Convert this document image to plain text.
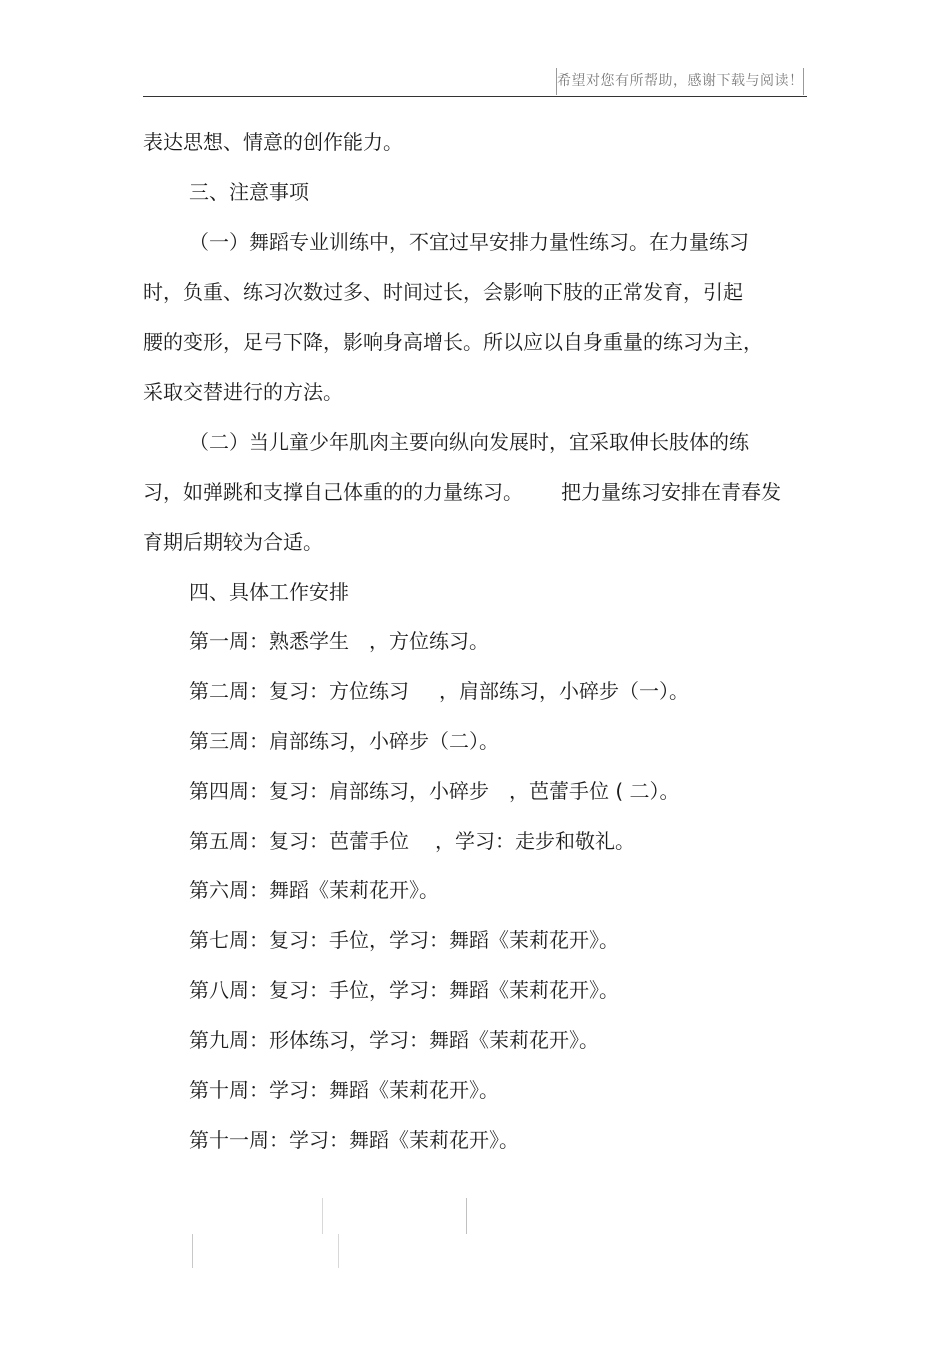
希望对您有所帮助，感谢下载与阅读！
表达思想、情意的创作能力。
三、注意事项
（一）舞蹈专业训练中，不宜过早安排力量性练习。在力量练习
时，负重、练习次数过多、时间过长，会影响下肢的正常发育，引起
腰的变形，足弓下降，影响身高增长。所以应以自身重量的练习为主，
采取交替进行的方法。
（二）当儿童少年肌肉主要向纵向发展时，宜采取伸长肢体的练
习，如弹跳和支撑自己体重的的力量练习。 把力量练习安排在青春发
育期后期较为合适。
四、具体工作安排
第一周：熟悉学生 ，方位练习。
第二周：复习：方位练习 ，肩部练习，小碎步（一）。
第三周：肩部练习，小碎步（二）。
第四周：复习：肩部练习，小碎步 ，芭蕾手位 ( 二）。
第五周：复习：芭蕾手位 ，学习：走步和敬礼。
第六周：舞蹈《茉莉花开》。
第七周：复习：手位，学习：舞蹈《茉莉花开》。
第八周：复习：手位，学习：舞蹈《茉莉花开》。
第九周：形体练习，学习：舞蹈《茉莉花开》。
第十周：学习：舞蹈《茉莉花开》。
第十一周：学习：舞蹈《茉莉花开》。
